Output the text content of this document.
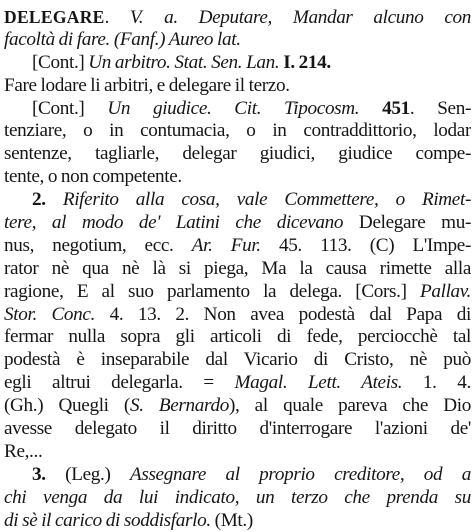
DELEGARE. V. a. Deputare, Mandar alcuno con
facoltà di fare. (Fanf.) Aureo lat.
[Cont.] Un arbitro. Stat. Sen. Lan. I. 214.
Fare lodare li arbitri, e delegare il terzo.
[Cont.] Un giudice. Cit. Tipocosm. 451. Sen-
tenziare, o in contumacia, o in contraddittorio, lodar
sentenze, tagliarle, delegar giudici, giudice compe-
tente, o non competente.
2. Riferito alla cosa, vale Commettere, o Rimet-
tere, al modo de' Latini che dicevano Delegare mu-
nus, negotium, ecc. Ar. Fur. 45. 113. (C) L'Impe-
rator nè qua nè là si piega, Ma la causa rimette alla
ragione, E al suo parlamento la delega. [Cors.] Pallav.
Stor. Conc. 4. 13. 2. Non avea podestà dal Papa di
fermar nulla sopra gli articoli di fede, perciocchè tal
podestà è inseparabile dal Vicario di Cristo, nè può
egli altrui delegarla. = Magal. Lett. Ateis. 1. 4.
(Gh.) Quegli (S. Bernardo), al quale pareva che Dio
avesse delegato il diritto d'interrogare l'azioni de'
Re,...
3. (Leg.) Assegnare al proprio creditore, od a
chi venga da lui indicato, un terzo che prenda su
di sè il carico di soddisfarlo. (Mt.)
